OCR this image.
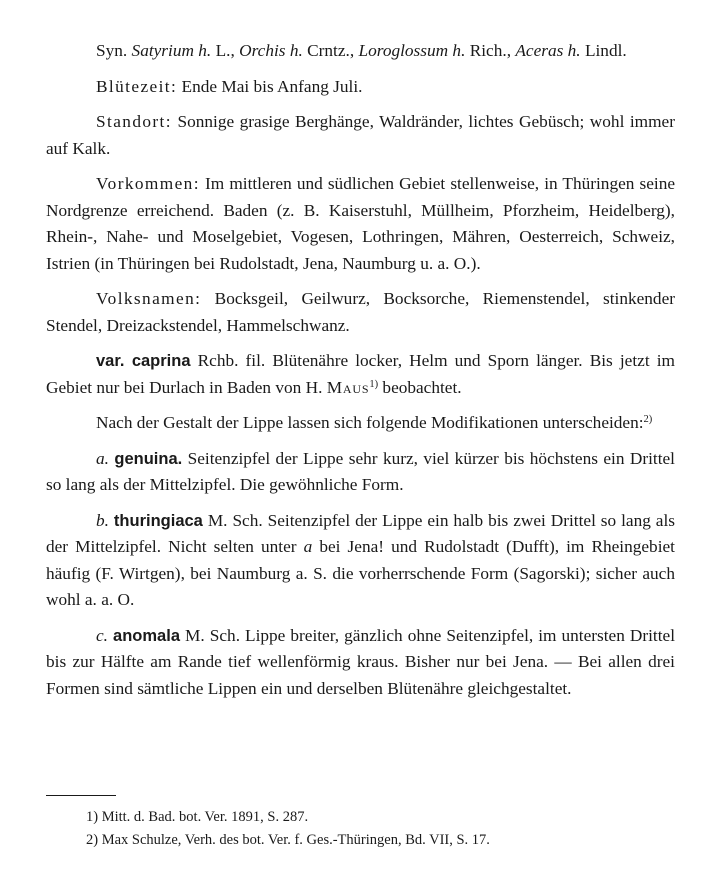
Syn. Satyrium h. L., Orchis h. Crntz., Loroglossum h. Rich., Aceras h. Lindl.

Blütezeit: Ende Mai bis Anfang Juli.

Standort: Sonnige grasige Berghänge, Waldränder, lichtes Gebüsch; wohl immer auf Kalk.

Vorkommen: Im mittleren und südlichen Gebiet stellenweise, in Thüringen seine Nordgrenze erreichend. Baden (z. B. Kaiserstuhl, Müllheim, Pforzheim, Heidelberg), Rhein-, Nahe- und Moselgebiet, Vogesen, Lothringen, Mähren, Oesterreich, Schweiz, Istrien (in Thüringen bei Rudolstadt, Jena, Naumburg u. a. O.).

Volksnamen: Bocksgeil, Geilwurz, Bocksorche, Riemenstendel, stinkender Stendel, Dreizackstendel, Hammelschwanz.

var. caprina Rchb. fil. Blütenähre locker, Helm und Sporn länger. Bis jetzt im Gebiet nur bei Durlach in Baden von H. Maus$^{1)}$ beobachtet.

Nach der Gestalt der Lippe lassen sich folgende Modifikationen unterscheiden:$^{2)}$

a. genuina. Seitenzipfel der Lippe sehr kurz, viel kürzer bis höchstens ein Drittel so lang als der Mittelzipfel. Die gewöhnliche Form.

b. thuringiaca M. Sch. Seitenzipfel der Lippe ein halb bis zwei Drittel so lang als der Mittelzipfel. Nicht selten unter a bei Jena! und Rudolstadt (Dufft), im Rheingebiet häufig (F. Wirtgen), bei Naumburg a. S. die vorherrschende Form (Sagorski); sicher auch wohl a. a. O.

c. anomala M. Sch. Lippe breiter, gänzlich ohne Seitenzipfel, im untersten Drittel bis zur Hälfte am Rande tief wellenförmig kraus. Bisher nur bei Jena. — Bei allen drei Formen sind sämtliche Lippen ein und derselben Blütenähre gleichgestaltet.

1) Mitt. d. Bad. bot. Ver. 1891, S. 287.

2) Max Schulze, Verh. des bot. Ver. f. Ges.-Thüringen, Bd. VII, S. 17.
